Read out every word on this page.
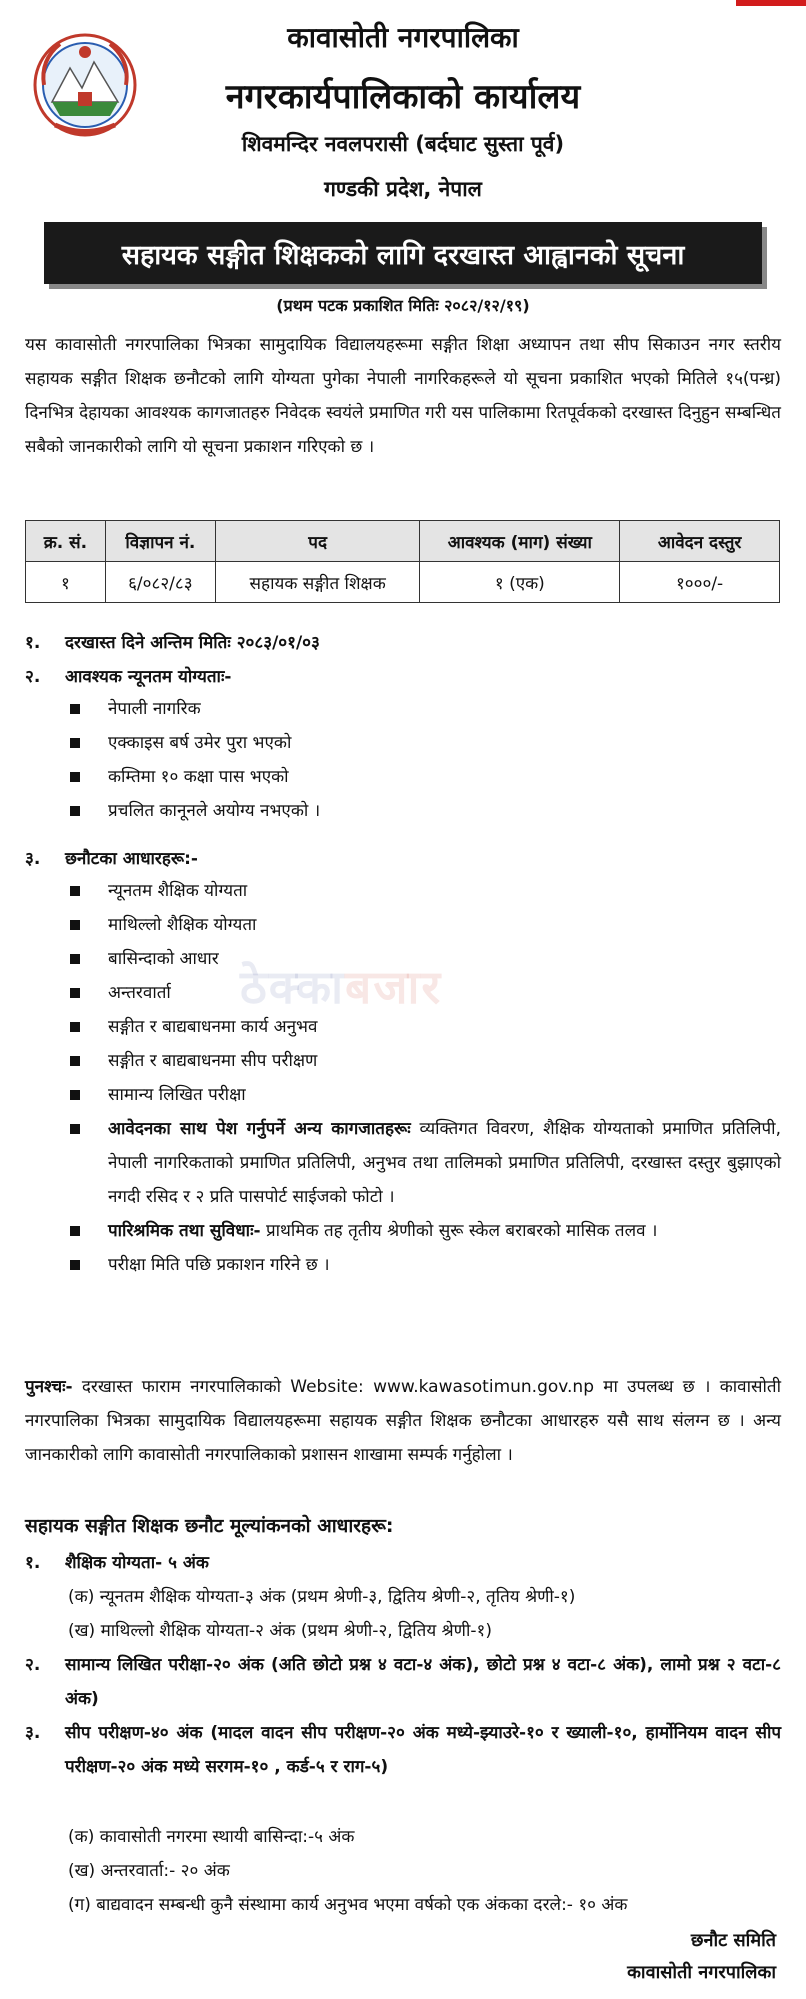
कावासोती नगरपालिका
नगरकार्यपालिकाको कार्यालय
शिवमन्दिर नवलपरासी (बर्दघाट सुस्ता पूर्व)
गण्डकी प्रदेश, नेपाल
सहायक सङ्गीत शिक्षकको लागि दरखास्त आह्वानको सूचना
(प्रथम पटक प्रकाशित मितिः २०८२/१२/१९)
यस कावासोती नगरपालिका भित्रका सामुदायिक विद्यालयहरूमा सङ्गीत शिक्षा अध्यापन तथा सीप सिकाउन नगर स्तरीय सहायक सङ्गीत शिक्षक छनौटको लागि योग्यता पुगेका नेपाली नागरिकहरूले यो सूचना प्रकाशित भएको मितिले १५(पन्ध्र) दिनभित्र देहायका आवश्यक कागजातहरु निवेदक स्वयंले प्रमाणित गरी यस पालिकामा रितपूर्वकको दरखास्त दिनुहुन सम्बन्धित सबैको जानकारीको लागि यो सूचना प्रकाशन गरिएको छ ।
क्र. सं.	विज्ञापन नं.	पद	आवश्यक (माग) संख्या	आवेदन दस्तुर
१	६/०८२/८३	सहायक सङ्गीत शिक्षक	१ (एक)	१०००/-
१. दरखास्त दिने अन्तिम मितिः २०८३/०१/०३
२. आवश्यक न्यूनतम योग्यताः-
नेपाली नागरिक
एक्काइस बर्ष उमेर पुरा भएको
कम्तिमा १० कक्षा पास भएको
प्रचलित कानूनले अयोग्य नभएको ।
३. छनौटका आधारहरू:-
ठेक्काबजार
न्यूनतम शैक्षिक योग्यता
माथिल्लो शैक्षिक योग्यता
बासिन्दाको आधार
अन्तरवार्ता
सङ्गीत र बाद्यबाधनमा कार्य अनुभव
सङ्गीत र बाद्यबाधनमा सीप परीक्षण
सामान्य लिखित परीक्षा
आवेदनका साथ पेश गर्नुपर्ने अन्य कागजातहरूः व्यक्तिगत विवरण, शैक्षिक योग्यताको प्रमाणित प्रतिलिपी, नेपाली नागरिकताको प्रमाणित प्रतिलिपी, अनुभव तथा तालिमको प्रमाणित प्रतिलिपी, दरखास्त दस्तुर बुझाएको नगदी रसिद र २ प्रति पासपोर्ट साईजको फोटो ।
पारिश्रमिक तथा सुविधाः- प्राथमिक तह तृतीय श्रेणीको सुरू स्केल बराबरको मासिक तलव ।
परीक्षा मिति पछि प्रकाशन गरिने छ ।
पुनश्चः- दरखास्त फाराम नगरपालिकाको Website: www.kawasotimun.gov.np मा उपलब्ध छ । कावासोती नगरपालिका भित्रका सामुदायिक विद्यालयहरूमा सहायक सङ्गीत शिक्षक छनौटका आधारहरु यसै साथ संलग्न छ । अन्य जानकारीको लागि कावासोती नगरपालिकाको प्रशासन शाखामा सम्पर्क गर्नुहोला ।
सहायक सङ्गीत शिक्षक छनौट मूल्यांकनको आधारहरू:
१. शैक्षिक योग्यता- ५ अंक
(क) न्यूनतम शैक्षिक योग्यता-३ अंक (प्रथम श्रेणी-३, द्वितिय श्रेणी-२, तृतिय श्रेणी-१)
(ख) माथिल्लो शैक्षिक योग्यता-२ अंक (प्रथम श्रेणी-२, द्वितिय श्रेणी-१)
२. सामान्य लिखित परीक्षा-२० अंक (अति छोटो प्रश्न ४ वटा-४ अंक), छोटो प्रश्न ४ वटा-८ अंक), लामो प्रश्न २ वटा-८ अंक)
३. सीप परीक्षण-४० अंक (मादल वादन सीप परीक्षण-२० अंक मध्ये-झ्याउरे-१० र ख्याली-१०, हार्मोनियम वादन सीप परीक्षण-२० अंक मध्ये सरगम-१० , कर्ड-५ र राग-५)
(क) कावासोती नगरमा स्थायी बासिन्दा:-५ अंक
(ख) अन्तरवार्ता:- २० अंक
(ग) बाद्यवादन सम्बन्धी कुनै संस्थामा कार्य अनुभव भएमा वर्षको एक अंकका दरले:- १० अंक
छनौट समिति
कावासोती नगरपालिका
